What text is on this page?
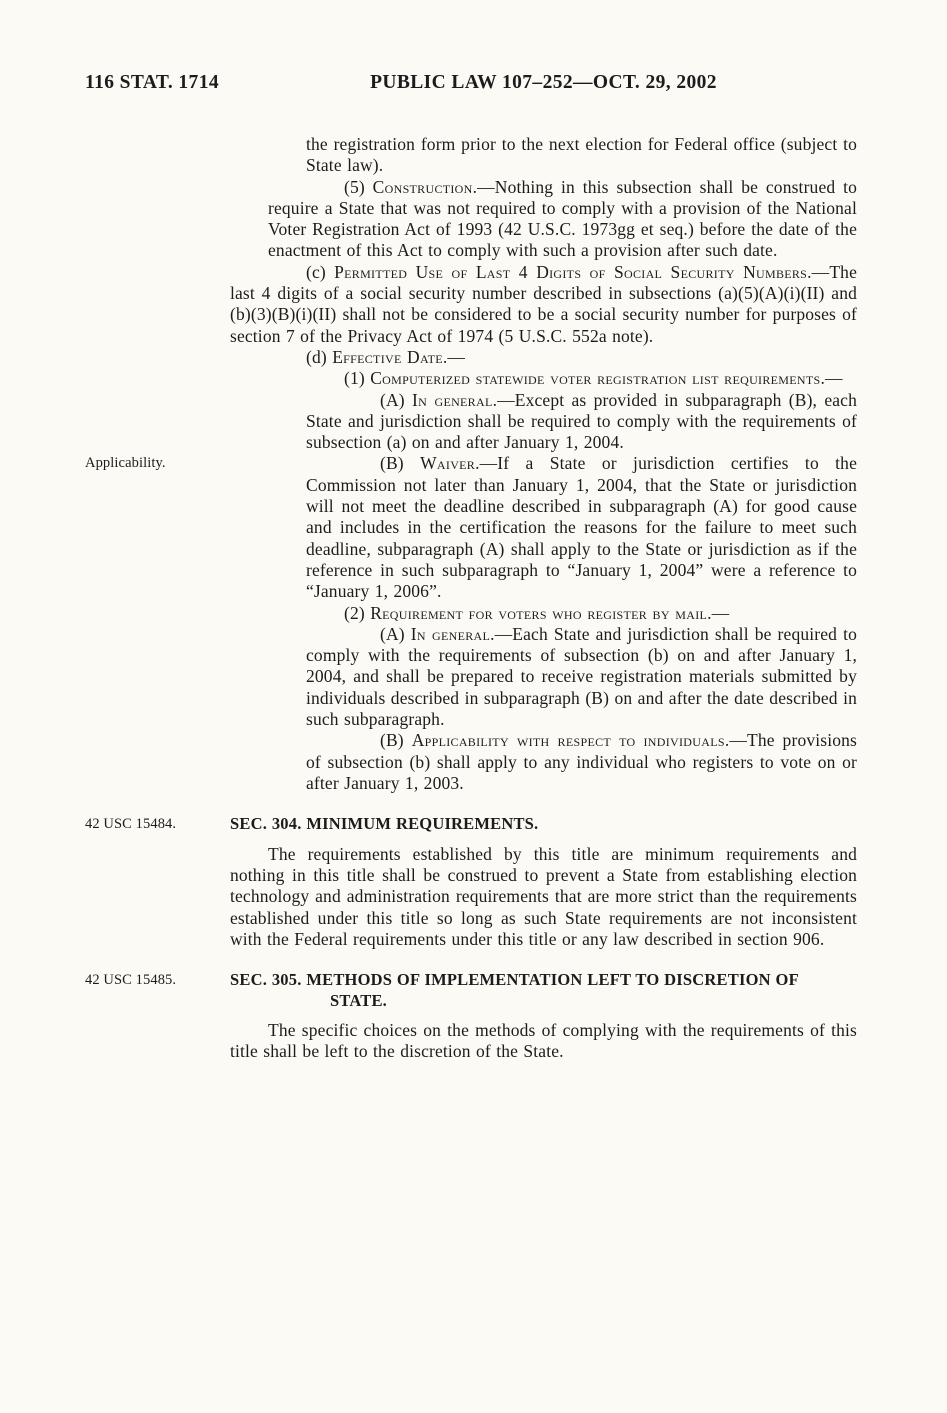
116 STAT. 1714	PUBLIC LAW 107–252—OCT. 29, 2002

the registration form prior to the next election for Federal office (subject to State law).

(5) Construction.—Nothing in this subsection shall be construed to require a State that was not required to comply with a provision of the National Voter Registration Act of 1993 (42 U.S.C. 1973gg et seq.) before the date of the enactment of this Act to comply with such a provision after such date.

(c) Permitted Use of Last 4 Digits of Social Security Numbers.—The last 4 digits of a social security number described in subsections (a)(5)(A)(i)(II) and (b)(3)(B)(i)(II) shall not be considered to be a social security number for purposes of section 7 of the Privacy Act of 1974 (5 U.S.C. 552a note).

(d) Effective Date.—

(1) Computerized statewide voter registration list requirements.—

(A) In general.—Except as provided in subparagraph (B), each State and jurisdiction shall be required to comply with the requirements of subsection (a) on and after January 1, 2004.

Applicability.	(B) Waiver.—If a State or jurisdiction certifies to the Commission not later than January 1, 2004, that the State or jurisdiction will not meet the deadline described in subparagraph (A) for good cause and includes in the certification the reasons for the failure to meet such deadline, subparagraph (A) shall apply to the State or jurisdiction as if the reference in such subparagraph to “January 1, 2004” were a reference to “January 1, 2006”.

(2) Requirement for voters who register by mail.—

(A) In general.—Each State and jurisdiction shall be required to comply with the requirements of subsection (b) on and after January 1, 2004, and shall be prepared to receive registration materials submitted by individuals described in subparagraph (B) on and after the date described in such subparagraph.

(B) Applicability with respect to individuals.—The provisions of subsection (b) shall apply to any individual who registers to vote on or after January 1, 2003.

42 USC 15484.	SEC. 304. MINIMUM REQUIREMENTS.

The requirements established by this title are minimum requirements and nothing in this title shall be construed to prevent a State from establishing election technology and administration requirements that are more strict than the requirements established under this title so long as such State requirements are not inconsistent with the Federal requirements under this title or any law described in section 906.

42 USC 15485.	SEC. 305. METHODS OF IMPLEMENTATION LEFT TO DISCRETION OF STATE.

The specific choices on the methods of complying with the requirements of this title shall be left to the discretion of the State.
